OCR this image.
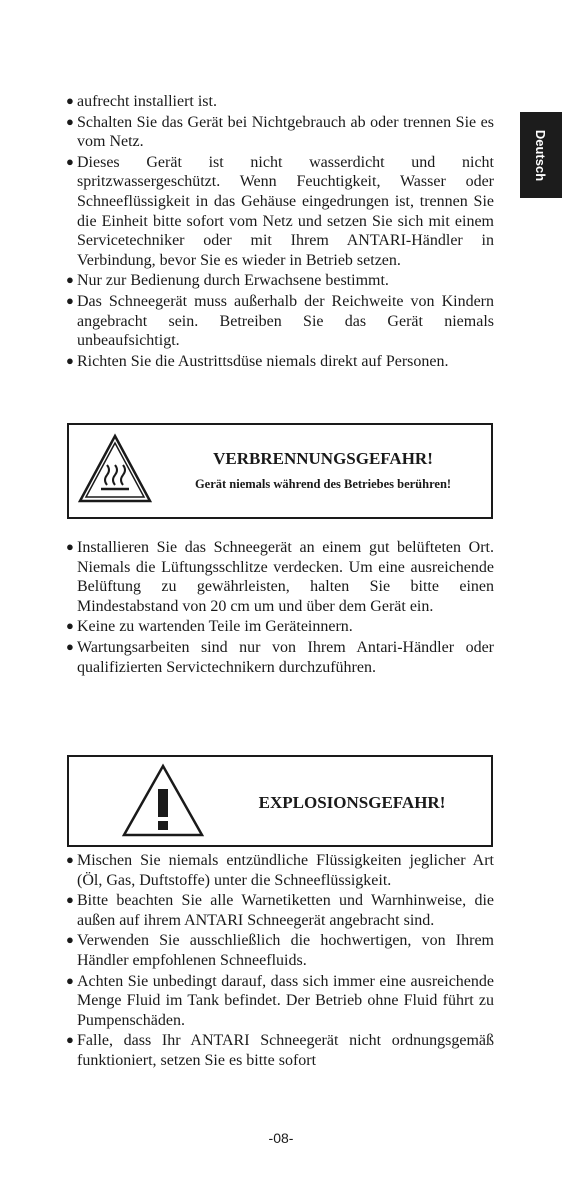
Deutsch

● aufrecht installiert ist.

● Schalten Sie das Gerät bei Nichtgebrauch ab oder trennen Sie es vom Netz.

● Dieses Gerät ist nicht wasserdicht und nicht spritzwassergeschützt. Wenn Feuchtigkeit, Wasser oder Schneeflüssigkeit in das Gehäuse eingedrungen ist, trennen Sie die Einheit bitte sofort vom Netz und setzen Sie sich mit einem Servicetechniker oder mit Ihrem ANTARI-Händler in Verbindung, bevor Sie es wieder in Betrieb setzen.

● Nur zur Bedienung durch Erwachsene bestimmt.

● Das Schneegerät muss außerhalb der Reichweite von Kindern angebracht sein. Betreiben Sie das Gerät niemals unbeaufsichtigt.

● Richten Sie die Austrittsdüse niemals direkt auf Personen.

VERBRENNUNGSGEFAHR!
Gerät niemals während des Betriebes berühren!

● Installieren Sie das Schneegerät an einem gut belüfteten Ort. Niemals die Lüftungsschlitze verdecken. Um eine ausreichende Belüftung zu gewährleisten, halten Sie bitte einen Mindestabstand von 20 cm um und über dem Gerät ein.

● Keine zu wartenden Teile im Geräteinnern.

● Wartungsarbeiten sind nur von Ihrem Antari-Händler oder qualifizierten Servictechnikern durchzuführen.

EXPLOSIONSGEFAHR!

● Mischen Sie niemals entzündliche Flüssigkeiten jeglicher Art (Öl, Gas, Duftstoffe) unter die Schneeflüssigkeit.

● Bitte beachten Sie alle Warnetiketten und Warnhinweise, die außen auf ihrem ANTARI Schneegerät angebracht sind.

● Verwenden Sie ausschließlich die hochwertigen, von Ihrem Händler empfohlenen Schneefluids.

● Achten Sie unbedingt darauf, dass sich immer eine ausreichende Menge Fluid im Tank befindet. Der Betrieb ohne Fluid führt zu Pumpenschäden.

● Falle, dass Ihr ANTARI Schneegerät nicht ordnungsgemäß funktioniert, setzen Sie es bitte sofort

-08-
